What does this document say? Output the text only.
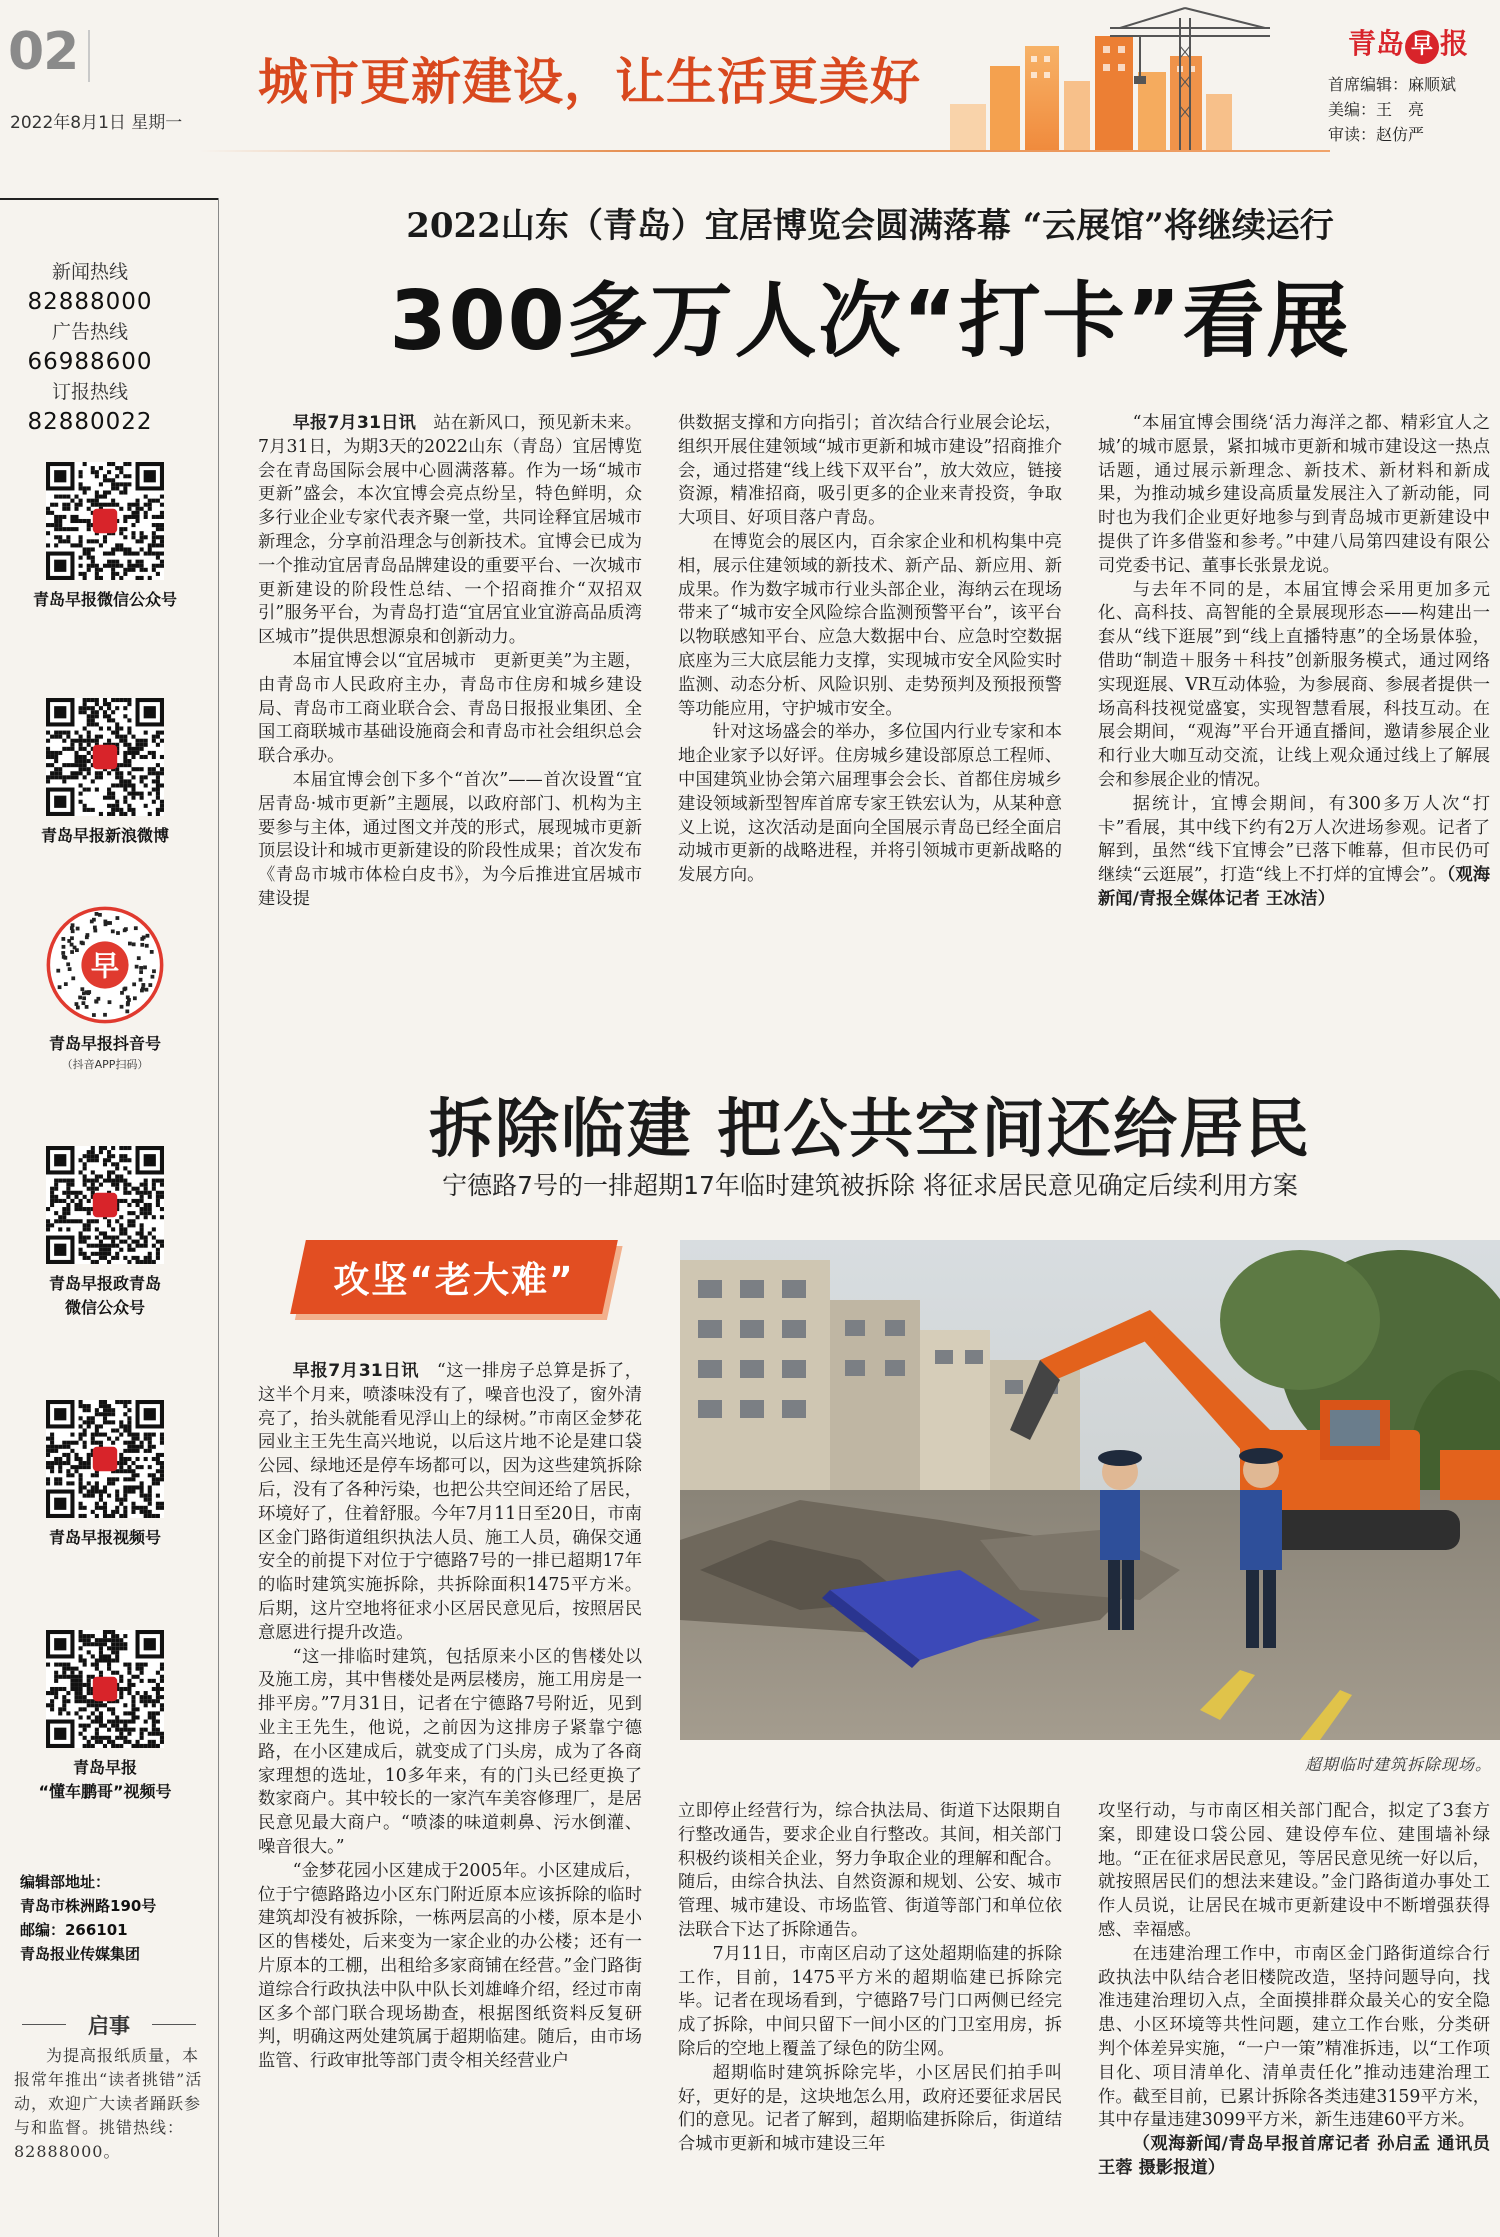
02
2022年8月1日 星期一
城市更新建设，让生活更美好
青岛 早 报
首席编辑：麻顺斌
美编：王　亮
审读：赵仿严
新闻热线
82888000
广告热线
66988600
订报热线
82880022
青岛早报微信公众号
青岛早报新浪微博
早
青岛早报抖音号
（抖音APP扫码）
青岛早报政青岛
微信公众号
青岛早报视频号
青岛早报
“懂车鹏哥”视频号
编辑部地址：
青岛市株洲路190号
邮编：266101
青岛报业传媒集团
启事
为提高报纸质量，本报常年推出“读者挑错”活动，欢迎广大读者踊跃参与和监督。挑错热线：82888000。
2022山东（青岛）宜居博览会圆满落幕 “云展馆”将继续运行
300多万人次“打卡”看展

早报7月31日讯　 站在新风口，预见新未来。7月31日，为期3天的2022山东（青岛）宜居博览会在青岛国际会展中心圆满落幕。作为一场“城市更新”盛会，本次宜博会亮点纷呈，特色鲜明，众多行业企业专家代表齐聚一堂，共同诠释宜居城市新理念，分享前沿理念与创新技术。宜博会已成为一个推动宜居青岛品牌建设的重要平台、一次城市更新建设的阶段性总结、一个招商推介“双招双引”服务平台，为青岛打造“宜居宜业宜游高品质湾区城市”提供思想源泉和创新动力。

本届宜博会以“宜居城市　更新更美”为主题，由青岛市人民政府主办，青岛市住房和城乡建设局、青岛市工商业联合会、青岛日报报业集团、全国工商联城市基础设施商会和青岛市社会组织总会联合承办。

本届宜博会创下多个“首次”——首次设置“宜居青岛·城市更新”主题展，以政府部门、机构为主要参与主体，通过图文并茂的形式，展现城市更新顶层设计和城市更新建设的阶段性成果；首次发布《青岛市城市体检白皮书》，为今后推进宜居城市建设提

供数据支撑和方向指引；首次结合行业展会论坛，组织开展住建领域“城市更新和城市建设”招商推介会，通过搭建“线上线下双平台”，放大效应，链接资源，精准招商，吸引更多的企业来青投资，争取大项目、好项目落户青岛。

在博览会的展区内，百余家企业和机构集中亮相，展示住建领域的新技术、新产品、新应用、新成果。作为数字城市行业头部企业，海纳云在现场带来了“城市安全风险综合监测预警平台”，该平台以物联感知平台、应急大数据中台、应急时空数据底座为三大底层能力支撑，实现城市安全风险实时监测、动态分析、风险识别、走势预判及预报预警等功能应用，守护城市安全。

针对这场盛会的举办，多位国内行业专家和本地企业家予以好评。住房城乡建设部原总工程师、中国建筑业协会第六届理事会会长、首都住房城乡建设领域新型智库首席专家王铁宏认为，从某种意义上说，这次活动是面向全国展示青岛已经全面启动城市更新的战略进程，并将引领城市更新战略的发展方向。

“本届宜博会围绕‘活力海洋之都、精彩宜人之城’的城市愿景，紧扣城市更新和城市建设这一热点话题，通过展示新理念、新技术、新材料和新成果，为推动城乡建设高质量发展注入了新动能，同时也为我们企业更好地参与到青岛城市更新建设中提供了许多借鉴和参考。”中建八局第四建设有限公司党委书记、董事长张景龙说。

与去年不同的是，本届宜博会采用更加多元化、高科技、高智能的全景展现形态——构建出一套从“线下逛展”到“线上直播特惠”的全场景体验，借助“制造＋服务＋科技”创新服务模式，通过网络实现逛展、VR互动体验，为参展商、参展者提供一场高科技视觉盛宴，实现智慧看展，科技互动。在展会期间，“观海”平台开通直播间，邀请参展企业和行业大咖互动交流，让线上观众通过线上了解展会和参展企业的情况。

据统计，宜博会期间，有300多万人次“打卡”看展，其中线下约有2万人次进场参观。记者了解到，虽然“线下宜博会”已落下帷幕，但市民仍可继续“云逛展”，打造“线上不打烊的宜博会”。（观海新闻/青报全媒体记者 王冰洁）

拆除临建 把公共空间还给居民
宁德路7号的一排超期17年临时建筑被拆除 将征求居民意见确定后续利用方案
攻坚“老大难”
超期临时建筑拆除现场。

早报7月31日讯　 “这一排房子总算是拆了，这半个月来，喷漆味没有了，噪音也没了，窗外清亮了，抬头就能看见浮山上的绿树。”市南区金梦花园业主王先生高兴地说，以后这片地不论是建口袋公园、绿地还是停车场都可以，因为这些建筑拆除后，没有了各种污染，也把公共空间还给了居民，环境好了，住着舒服。今年7月11日至20日，市南区金门路街道组织执法人员、施工人员，确保交通安全的前提下对位于宁德路7号的一排已超期17年的临时建筑实施拆除，共拆除面积1475平方米。后期，这片空地将征求小区居民意见后，按照居民意愿进行提升改造。

“这一排临时建筑，包括原来小区的售楼处以及施工房，其中售楼处是两层楼房，施工用房是一排平房。”7月31日，记者在宁德路7号附近，见到业主王先生，他说，之前因为这排房子紧靠宁德路，在小区建成后，就变成了门头房，成为了各商家理想的选址，10多年来，有的门头已经更换了数家商户。其中较长的一家汽车美容修理厂，是居民意见最大商户。“喷漆的味道刺鼻、污水倒灌、噪音很大。”

“金梦花园小区建成于2005年。小区建成后，位于宁德路路边小区东门附近原本应该拆除的临时建筑却没有被拆除，一栋两层高的小楼，原本是小区的售楼处，后来变为一家企业的办公楼；还有一片原本的工棚，出租给多家商铺在经营。”金门路街道综合行政执法中队中队长刘雄峰介绍，经过市南区多个部门联合现场勘查，根据图纸资料反复研判，明确这两处建筑属于超期临建。随后，由市场监管、行政审批等部门责令相关经营业户

立即停止经营行为，综合执法局、街道下达限期自行整改通告，要求企业自行整改。其间，相关部门积极约谈相关企业，努力争取企业的理解和配合。随后，由综合执法、自然资源和规划、公安、城市管理、城市建设、市场监管、街道等部门和单位依法联合下达了拆除通告。

7月11日，市南区启动了这处超期临建的拆除工作，目前，1475平方米的超期临建已拆除完毕。记者在现场看到，宁德路7号门口两侧已经完成了拆除，中间只留下一间小区的门卫室用房，拆除后的空地上覆盖了绿色的防尘网。

超期临时建筑拆除完毕，小区居民们拍手叫好，更好的是，这块地怎么用，政府还要征求居民们的意见。记者了解到，超期临建拆除后，街道结合城市更新和城市建设三年

攻坚行动，与市南区相关部门配合，拟定了3套方案，即建设口袋公园、建设停车位、建围墙补绿地。“正在征求居民意见，等居民意见统一好以后，就按照居民们的想法来建设。”金门路街道办事处工作人员说，让居民在城市更新建设中不断增强获得感、幸福感。

在违建治理工作中，市南区金门路街道综合行政执法中队结合老旧楼院改造，坚持问题导向，找准违建治理切入点，全面摸排群众最关心的安全隐患、小区环境等共性问题，建立工作台账，分类研判个体差异实施，“一户一策”精准拆违，以“工作项目化、项目清单化、清单责任化”推动违建治理工作。截至目前，已累计拆除各类违建3159平方米，其中存量违建3099平方米，新生违建60平方米。

（观海新闻/青岛早报首席记者 孙启孟 通讯员 王蓉 摄影报道）
